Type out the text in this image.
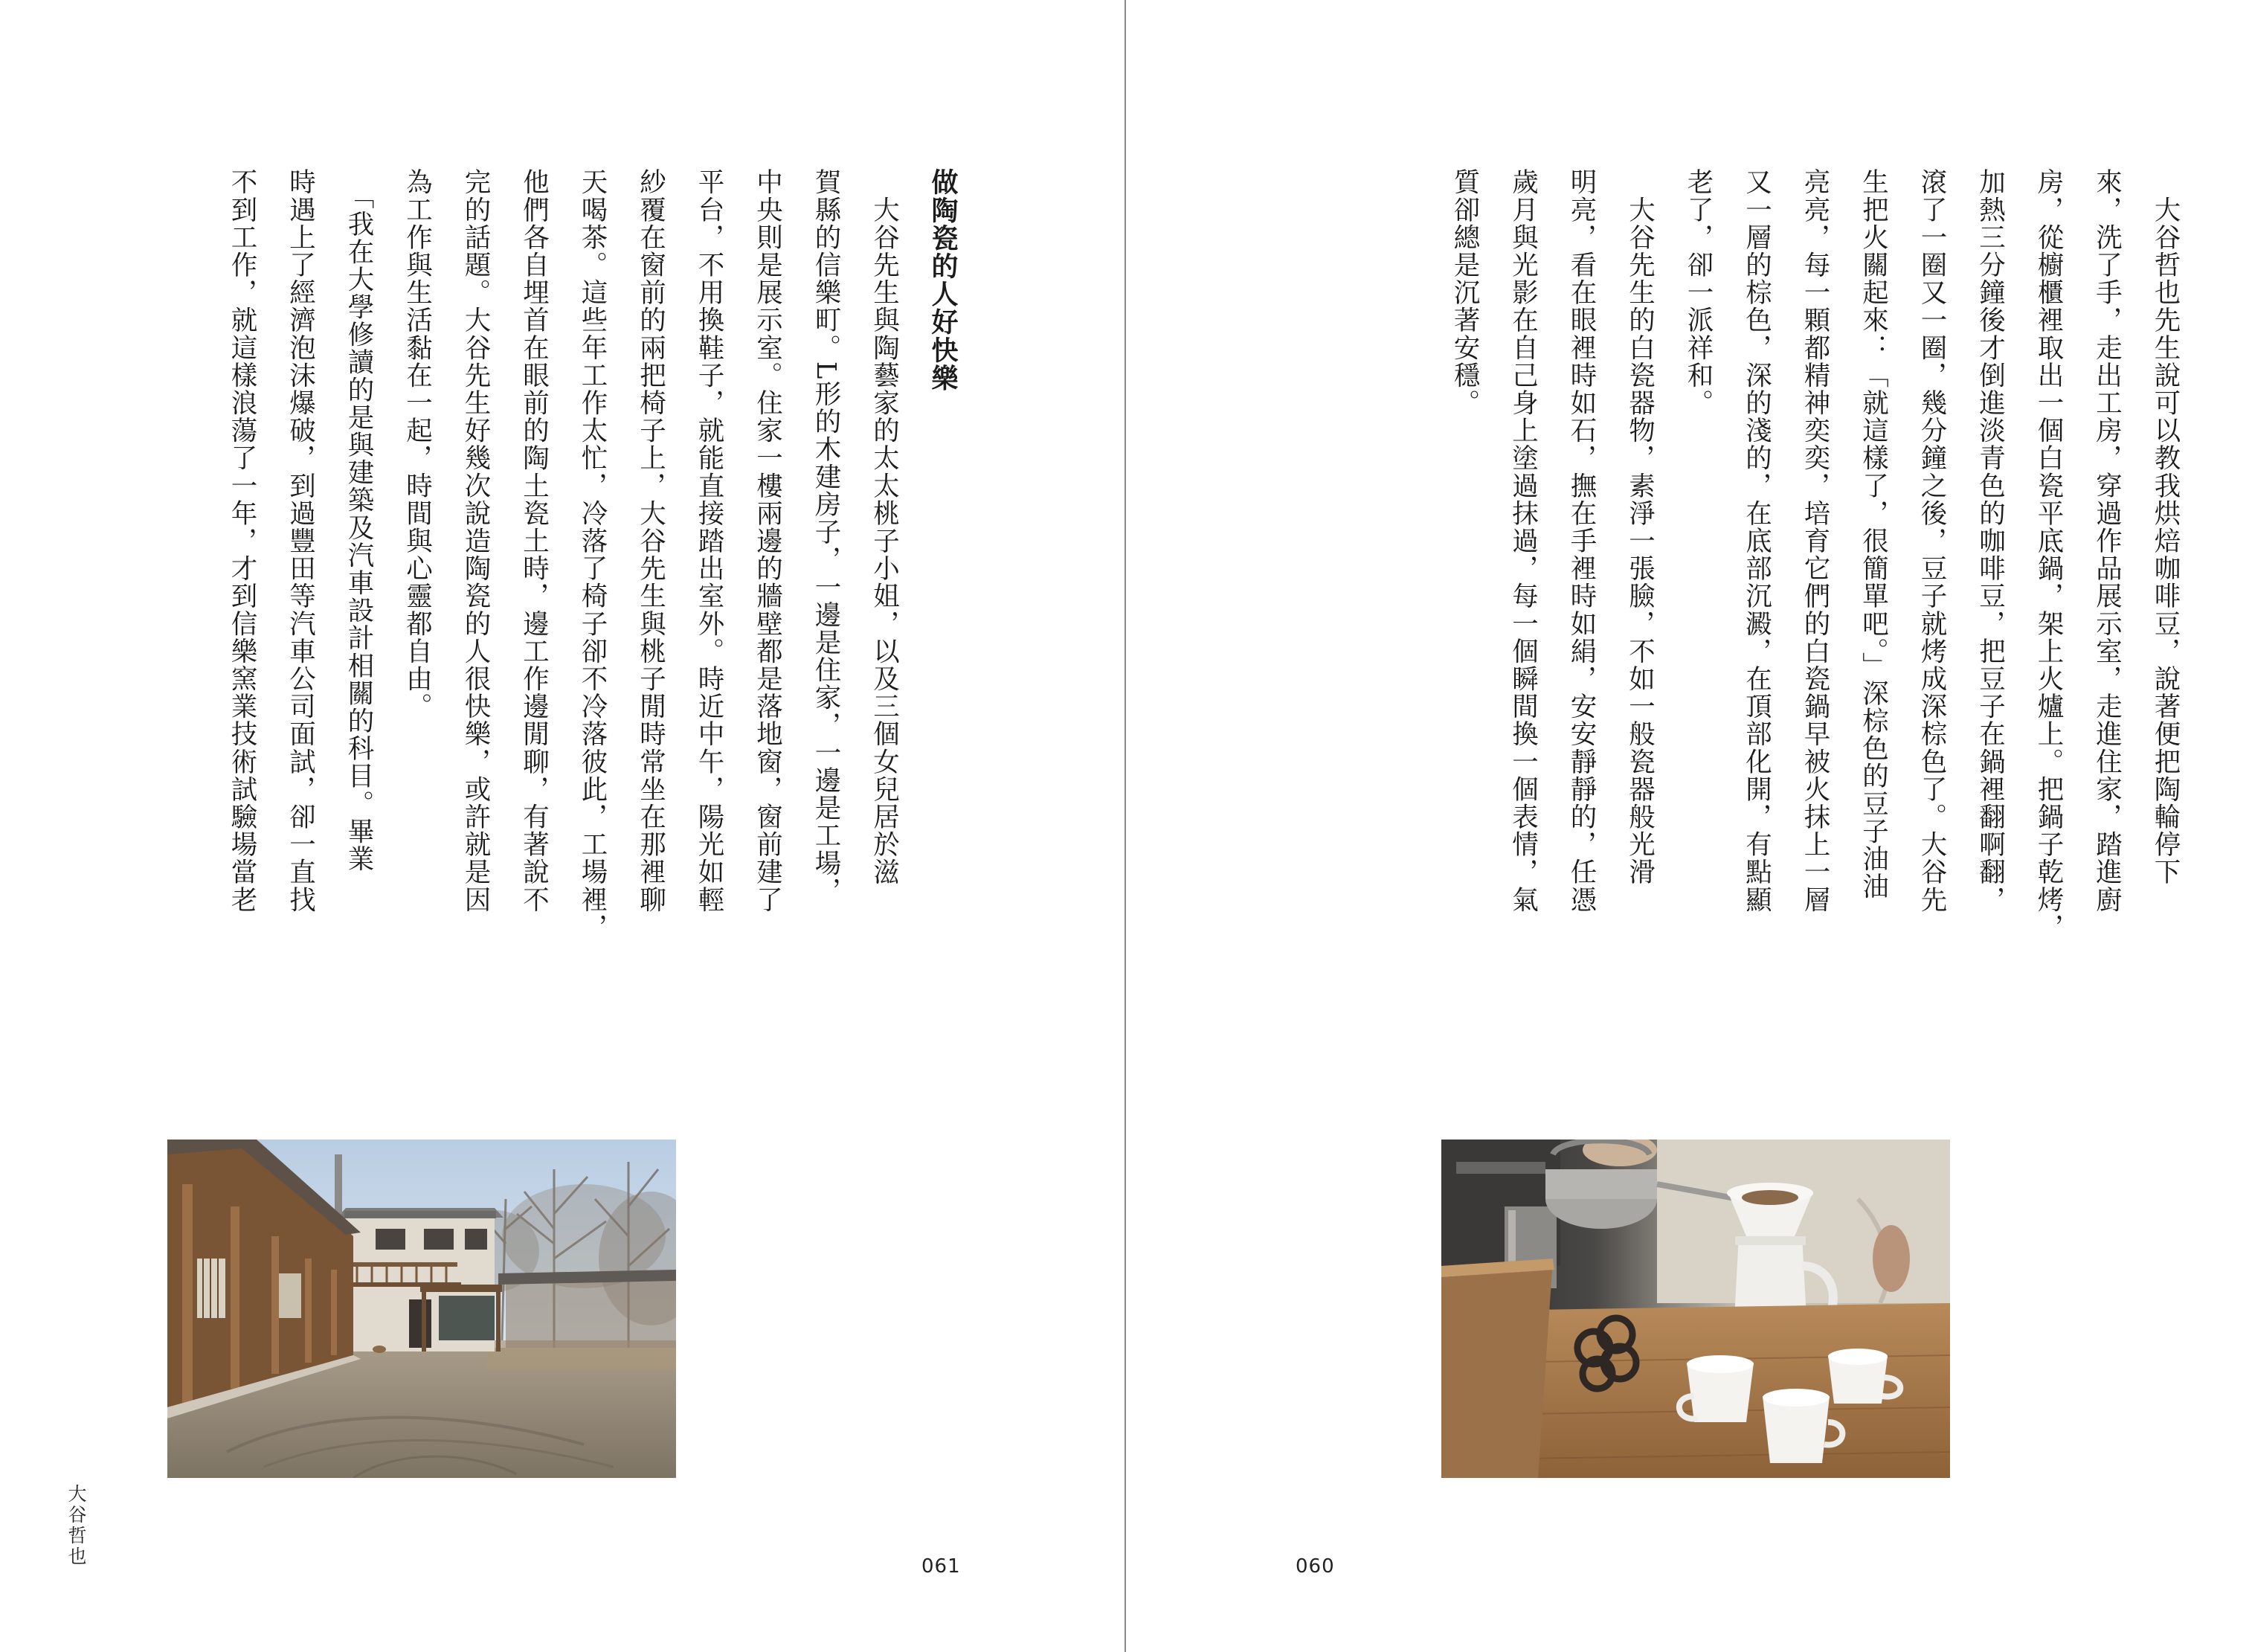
做陶瓷的人好快樂

　大谷先生與陶藝家的太太桃子小姐，以及三個女兒居於滋

賀縣的信樂町。L形的木建房子，一邊是住家，一邊是工場，

中央則是展示室。住家一樓兩邊的牆壁都是落地窗，窗前建了

平台，不用換鞋子，就能直接踏出室外。時近中午，陽光如輕

紗覆在窗前的兩把椅子上，大谷先生與桃子閒時常坐在那裡聊

天喝茶。這些年工作太忙，冷落了椅子卻不冷落彼此，工場裡，

他們各自埋首在眼前的陶土瓷土時，邊工作邊閒聊，有著說不

完的話題。大谷先生好幾次說造陶瓷的人很快樂，或許就是因

為工作與生活黏在一起，時間與心靈都自由。

　「我在大學修讀的是與建築及汽車設計相關的科目。畢業

時遇上了經濟泡沫爆破，到過豐田等汽車公司面試，卻一直找

不到工作，就這樣浪蕩了一年，才到信樂窯業技術試驗場當老

大谷哲也	061

　大谷哲也先生說可以教我烘焙咖啡豆，說著便把陶輪停下

來，洗了手，走出工房，穿過作品展示室，走進住家，踏進廚

房，從櫥櫃裡取出一個白瓷平底鍋，架上火爐上。把鍋子乾烤，

加熱三分鐘後才倒進淡青色的咖啡豆，把豆子在鍋裡翻啊翻，

滾了一圈又一圈，幾分鐘之後，豆子就烤成深棕色了。大谷先

生把火關起來：「就這樣了，很簡單吧。」深棕色的豆子油油

亮亮，每一顆都精神奕奕，培育它們的白瓷鍋早被火抹上一層

又一層的棕色，深的淺的，在底部沉澱，在頂部化開，有點顯

老了，卻一派祥和。

　大谷先生的白瓷器物，素淨一張臉，不如一般瓷器般光滑

明亮，看在眼裡時如石，撫在手裡時如絹，安安靜靜的，任憑

歲月與光影在自己身上塗過抹過，每一個瞬間換一個表情，氣

質卻總是沉著安穩。

060
